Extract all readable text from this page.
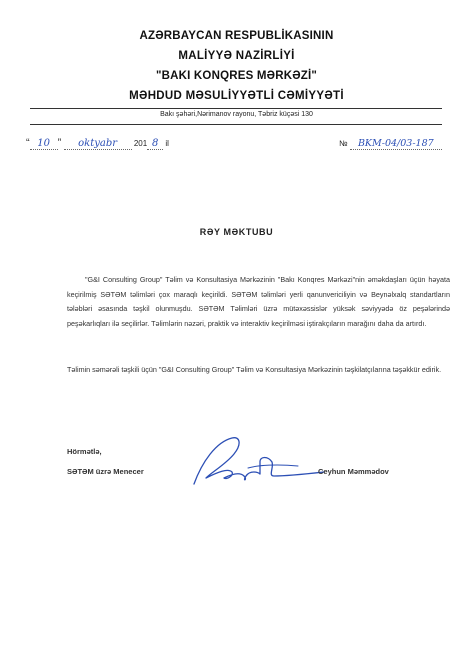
AZƏRBAYCAN RESPUBLİKASININ
MALİYYƏ NAZİRLİYİ
"BAKI KONQRES MƏRKƏZİ"
MƏHDUD MƏSULİYYƏTLİ CƏMİYYƏTİ
Bakı şəhəri,Nərimanov rayonu, Təbriz küçəsi 130
“ 10 ” oktyabr 201 8 il	№ BKM-04/03-187
RƏY MƏKTUBU

"G&I Consulting Group" Təlim və Konsultasiya Mərkəzinin "Bakı Konqres Mərkəzi"nin əməkdaşları üçün həyata keçirilmiş SƏTƏM təlimləri çox maraqlı keçirildi. SƏTƏM təlimləri yerli qanunvericiliyin və Beynəlxalq standartların tələbləri əsasında təşkil olunmuşdu. SƏTƏM Təlimləri üzrə mütəxəssislər yüksək səviyyədə öz peşələrində peşəkarlıqları ilə seçilirlər. Təlimlərin nəzəri, praktik və interaktiv keçirilməsi iştirakçıların marağını daha da artırdı.

Təlimin səmərəli təşkili üçün "G&I Consulting Group" Təlim və Konsultasiya Mərkəzinin təşkilatçılarına təşəkkür edirik.

Hörmətlə,
SƏTƏM üzrə Menecer	Ceyhun Məmmədov
